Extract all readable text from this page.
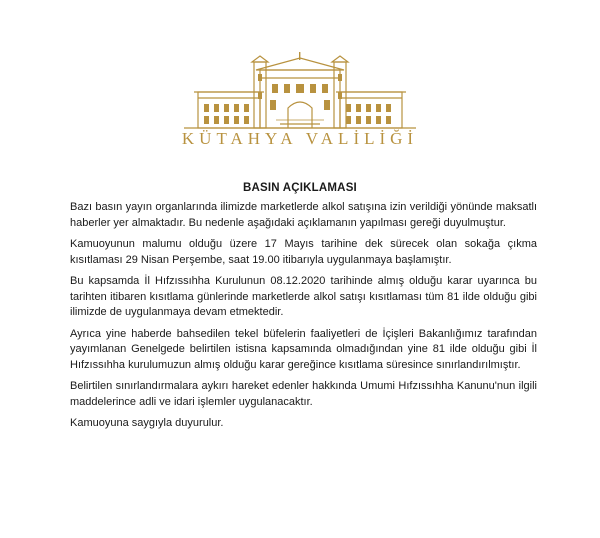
KÜTAHYA VALİLİĞİ
BASIN AÇIKLAMASI

Bazı basın yayın organlarında ilimizde marketlerde alkol satışına izin verildiği yönünde maksatlı haberler yer almaktadır. Bu nedenle aşağıdaki açıklamanın yapılması gereği duyulmuştur.

Kamuoyunun malumu olduğu üzere 17 Mayıs tarihine dek sürecek olan sokağa çıkma kısıtlaması 29 Nisan Perşembe, saat 19.00 itibarıyla uygulanmaya başlamıştır.

Bu kapsamda İl Hıfzıssıhha Kurulunun 08.12.2020 tarihinde almış olduğu karar uyarınca bu tarihten itibaren kısıtlama günlerinde marketlerde alkol satışı kısıtlaması tüm 81 ilde olduğu gibi ilimizde de uygulanmaya devam etmektedir.

Ayrıca yine haberde bahsedilen tekel büfelerin faaliyetleri de İçişleri Bakanlığımız tarafından yayımlanan Genelgede belirtilen istisna kapsamında olmadığından yine 81 ilde olduğu gibi İl Hıfzıssıhha kurulumuzun almış olduğu karar gereğince kısıtlama süresince sınırlandırılmıştır.

Belirtilen sınırlandırmalara aykırı hareket edenler hakkında Umumi Hıfzıssıhha Kanunu'nun ilgili maddelerince adli ve idari işlemler uygulanacaktır.

Kamuoyuna saygıyla duyurulur.
